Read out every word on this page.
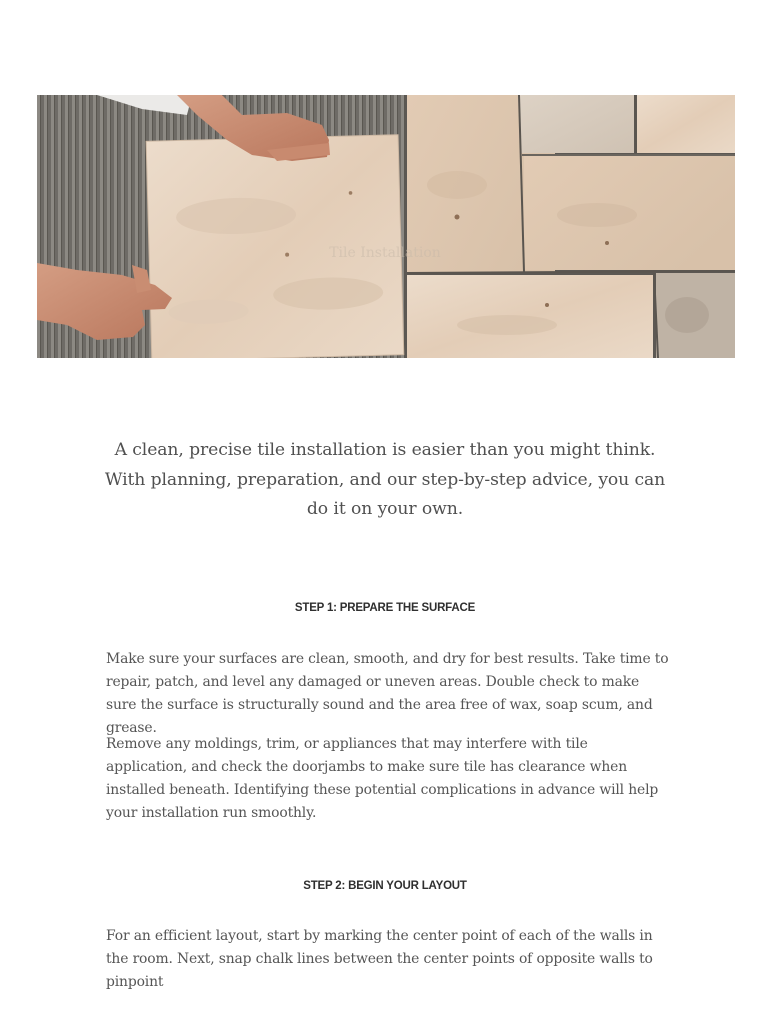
Tile Installation

A clean, precise tile installation is easier than you might think. With planning, preparation, and our step-by-step advice, you can do it on your own.

STEP 1: PREPARE THE SURFACE

Make sure your surfaces are clean, smooth, and dry for best results. Take time to repair, patch, and level any damaged or uneven areas. Double check to make sure the surface is structurally sound and the area free of wax, soap scum, and grease.

Remove any moldings, trim, or appliances that may interfere with tile application, and check the doorjambs to make sure tile has clearance when installed beneath. Identifying these potential complications in advance will help your installation run smoothly.

STEP 2: BEGIN YOUR LAYOUT

For an efficient layout, start by marking the center point of each of the walls in the room. Next, snap chalk lines between the center points of opposite walls to pinpoint
